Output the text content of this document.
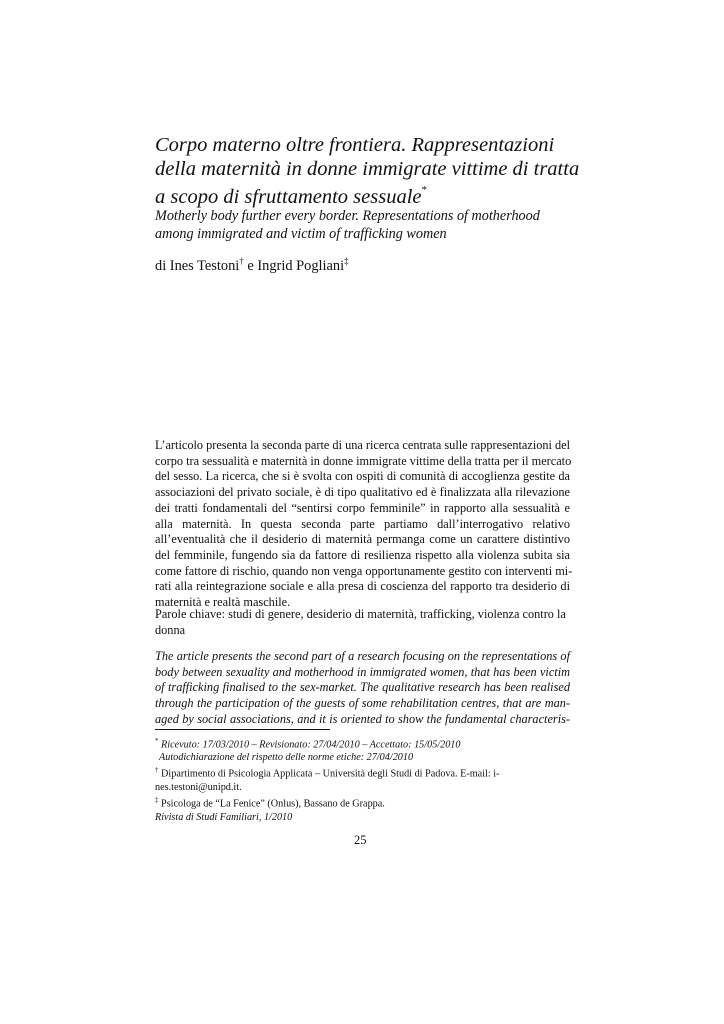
Corpo materno oltre frontiera. Rappresentazioni
della maternità in donne immigrate vittime di tratta
a scopo di sfruttamento sessuale*
Motherly body further every border. Representations of motherhood
among immigrated and victim of trafficking women
di Ines Testoni† e Ingrid Pogliani‡
L’articolo presenta la seconda parte di una ricerca centrata sulle rappresentazioni del
corpo tra sessualità e maternità in donne immigrate vittime della tratta per il mercato
del sesso. La ricerca, che si è svolta con ospiti di comunità di accoglienza gestite da
associazioni del privato sociale, è di tipo qualitativo ed è finalizzata alla rilevazione
dei tratti fondamentali del “sentirsi corpo femminile” in rapporto alla sessualità e
alla maternità. In questa seconda parte partiamo dall’interrogativo relativo
all’eventualità che il desiderio di maternità permanga come un carattere distintivo
del femminile, fungendo sia da fattore di resilienza rispetto alla violenza subita sia
come fattore di rischio, quando non venga opportunamente gestito con interventi mi-
rati alla reintegrazione sociale e alla presa di coscienza del rapporto tra desiderio di
maternità e realtà maschile.
Parole chiave: studi di genere, desiderio di maternità, trafficking, violenza contro la
donna
The article presents the second part of a research focusing on the representations of
body between sexuality and motherhood in immigrated women, that has been victim
of trafficking finalised to the sex-market. The qualitative research has been realised
through the participation of the guests of some rehabilitation centres, that are man-
aged by social associations, and it is oriented to show the fundamental characteris-
* Ricevuto: 17/03/2010 – Revisionato: 27/04/2010 – Accettato: 15/05/2010
Autodichiarazione del rispetto delle norme etiche: 27/04/2010
† Dipartimento di Psicologia Applicata – Università degli Studi di Padova. E-mail: i-
nes.testoni@unipd.it.
‡ Psicologa de “La Fenice” (Onlus), Bassano de Grappa.
Rivista di Studi Familiari, 1/2010
25
